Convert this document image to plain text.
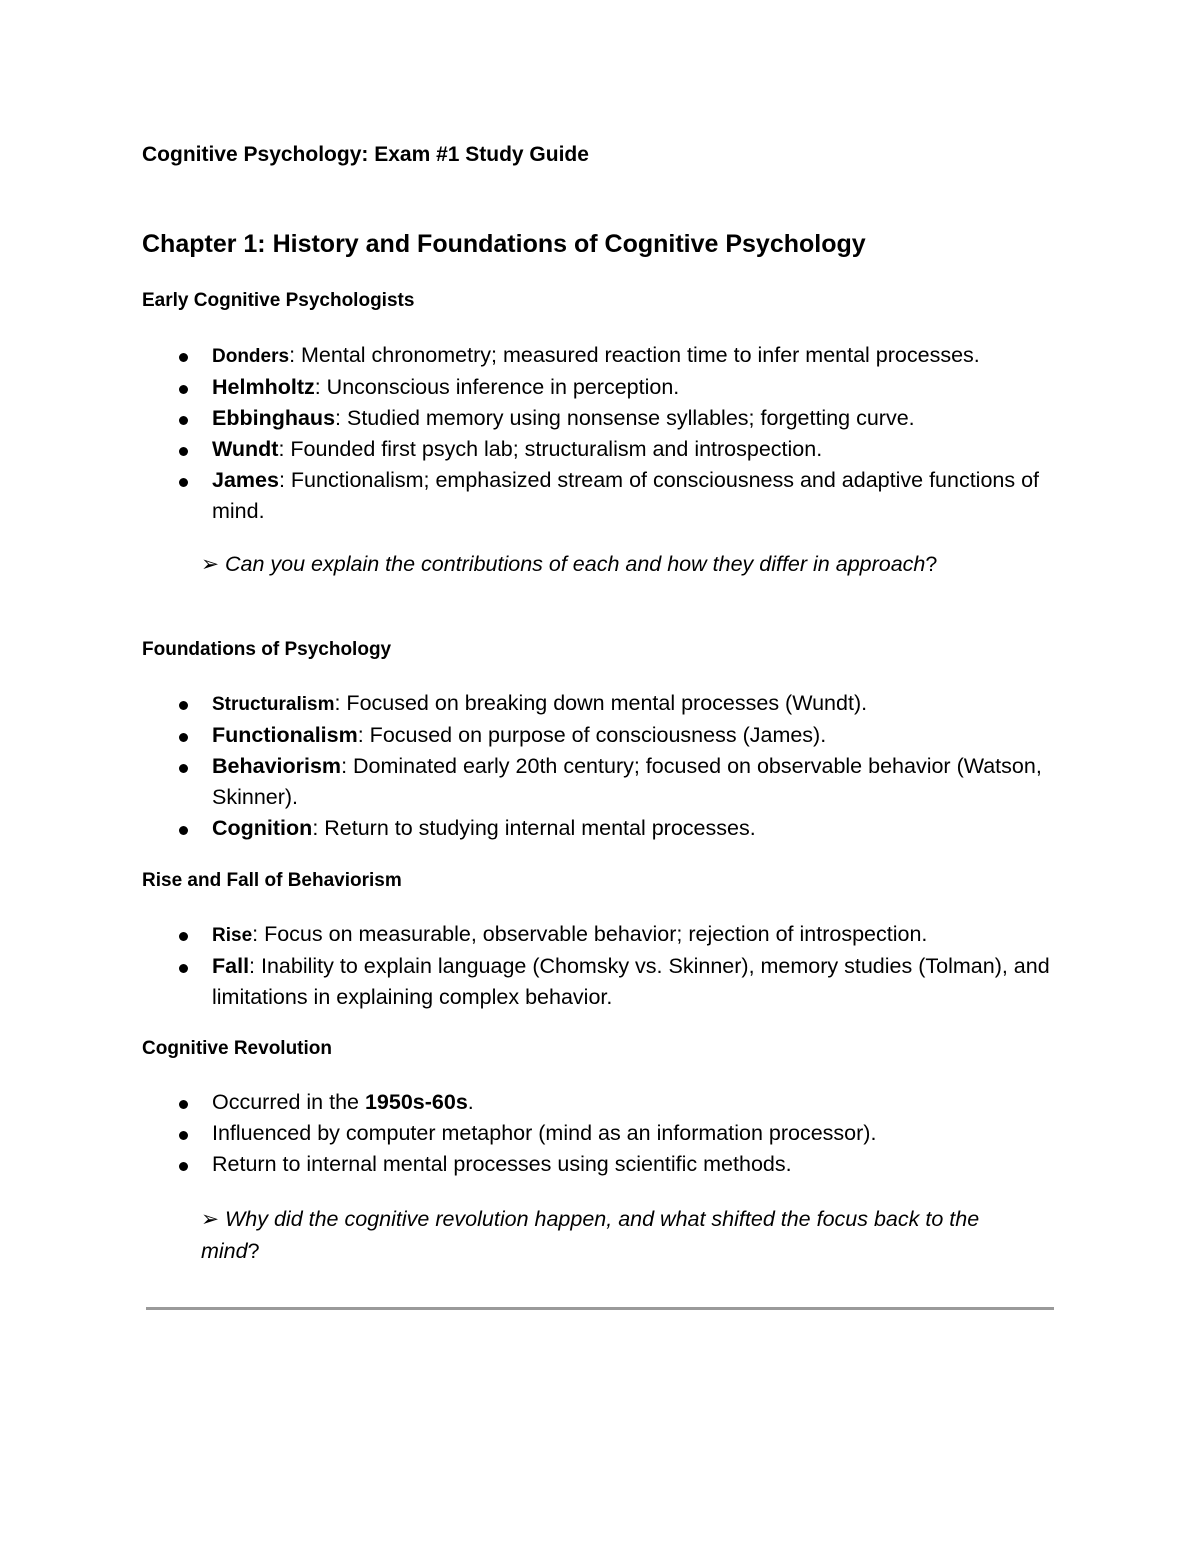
Cognitive Psychology: Exam #1 Study Guide
Chapter 1: History and Foundations of Cognitive Psychology
Early Cognitive Psychologists
Donders: Mental chronometry; measured reaction time to infer mental processes.
Helmholtz: Unconscious inference in perception.
Ebbinghaus: Studied memory using nonsense syllables; forgetting curve.
Wundt: Founded first psych lab; structuralism and introspection.
James: Functionalism; emphasized stream of consciousness and adaptive functions of mind.

➢ Can you explain the contributions of each and how they differ in approach?

Foundations of Psychology
Structuralism: Focused on breaking down mental processes (Wundt).
Functionalism: Focused on purpose of consciousness (James).
Behaviorism: Dominated early 20th century; focused on observable behavior (Watson, Skinner).
Cognition: Return to studying internal mental processes.
Rise and Fall of Behaviorism
Rise: Focus on measurable, observable behavior; rejection of introspection.
Fall: Inability to explain language (Chomsky vs. Skinner), memory studies (Tolman), and limitations in explaining complex behavior.
Cognitive Revolution
Occurred in the 1950s-60s.
Influenced by computer metaphor (mind as an information processor).
Return to internal mental processes using scientific methods.

➢ Why did the cognitive revolution happen, and what shifted the focus back to the mind?
